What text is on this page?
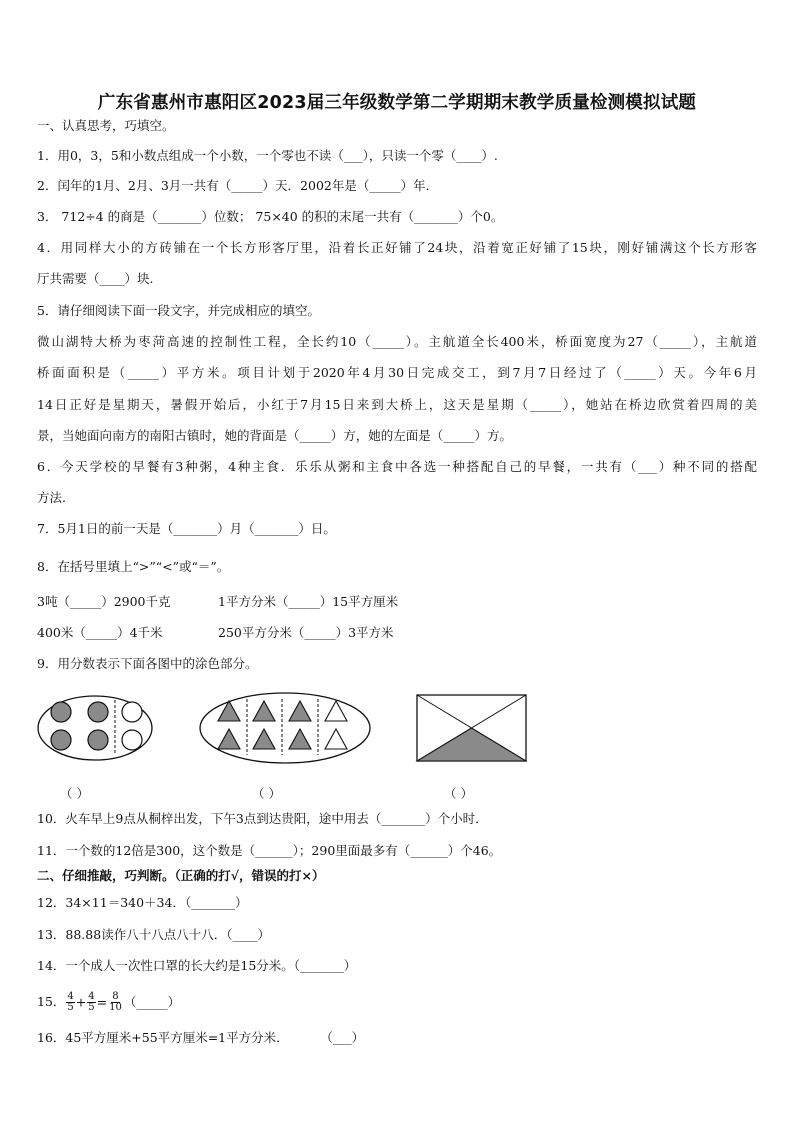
广东省惠州市惠阳区2023届三年级数学第二学期期末教学质量检测模拟试题
一、认真思考，巧填空。
1．用0，3，5和小数点组成一个小数，一个零也不读（___），只读一个零（____）.
2．闰年的1月、2月、3月一共有（_____）天．2002年是（_____）年．
3． 712÷4 的商是（_______）位数； 75×40 的积的末尾一共有（_______）个0。
4．用同样大小的方砖铺在一个长方形客厅里，沿着长正好铺了24块，沿着宽正好铺了15块，刚好铺满这个长方形客
厅共需要（____）块.
5．请仔细阅读下面一段文字，并完成相应的填空。
微山湖特大桥为枣菏高速的控制性工程，全长约10（_____）。主航道全长400米，桥面宽度为27（_____），主航道
桥面面积是（_____）平方米。项目计划于2020年4月30日完成交工，到7月7日经过了（_____）天。今年6月
14日正好是星期天，暑假开始后，小红于7月15日来到大桥上，这天是星期（_____），她站在桥边欣赏着四周的美
景，当她面向南方的南阳古镇时，她的背面是（_____）方，她的左面是（_____）方。
6．今天学校的早餐有3种粥，4种主食．乐乐从粥和主食中各选一种搭配自己的早餐，一共有（___）种不同的搭配
方法.
7．5月1日的前一天是（_______）月（_______）日。
8．在括号里填上“>”“<”或“＝”。
3吨（_____）2900千克	1平方分米（_____）15平方厘米
400米（_____）4千米	250平方分米（_____）3平方米
9．用分数表示下面各图中的涂色部分。
（ ）	（ ）	（ ）
10．火车早上9点从桐梓出发，下午3点到达贵阳，途中用去（_______）个小时．
11．一个数的12倍是300，这个数是（______）；290里面最多有（______）个46。
二、仔细推敲，巧判断。（正确的打√，错误的打×）
12．34×11＝340＋34．（_______）
13．88.88读作八十八点八十八．（____）
14．一个成人一次性口罩的长大约是15分米。（_______）
15． $\frac{4}{5} + \frac{4}{5} = \frac{8}{10}$ （_____）
16．45平方厘米+55平方厘米=1平方分米．        （___）
